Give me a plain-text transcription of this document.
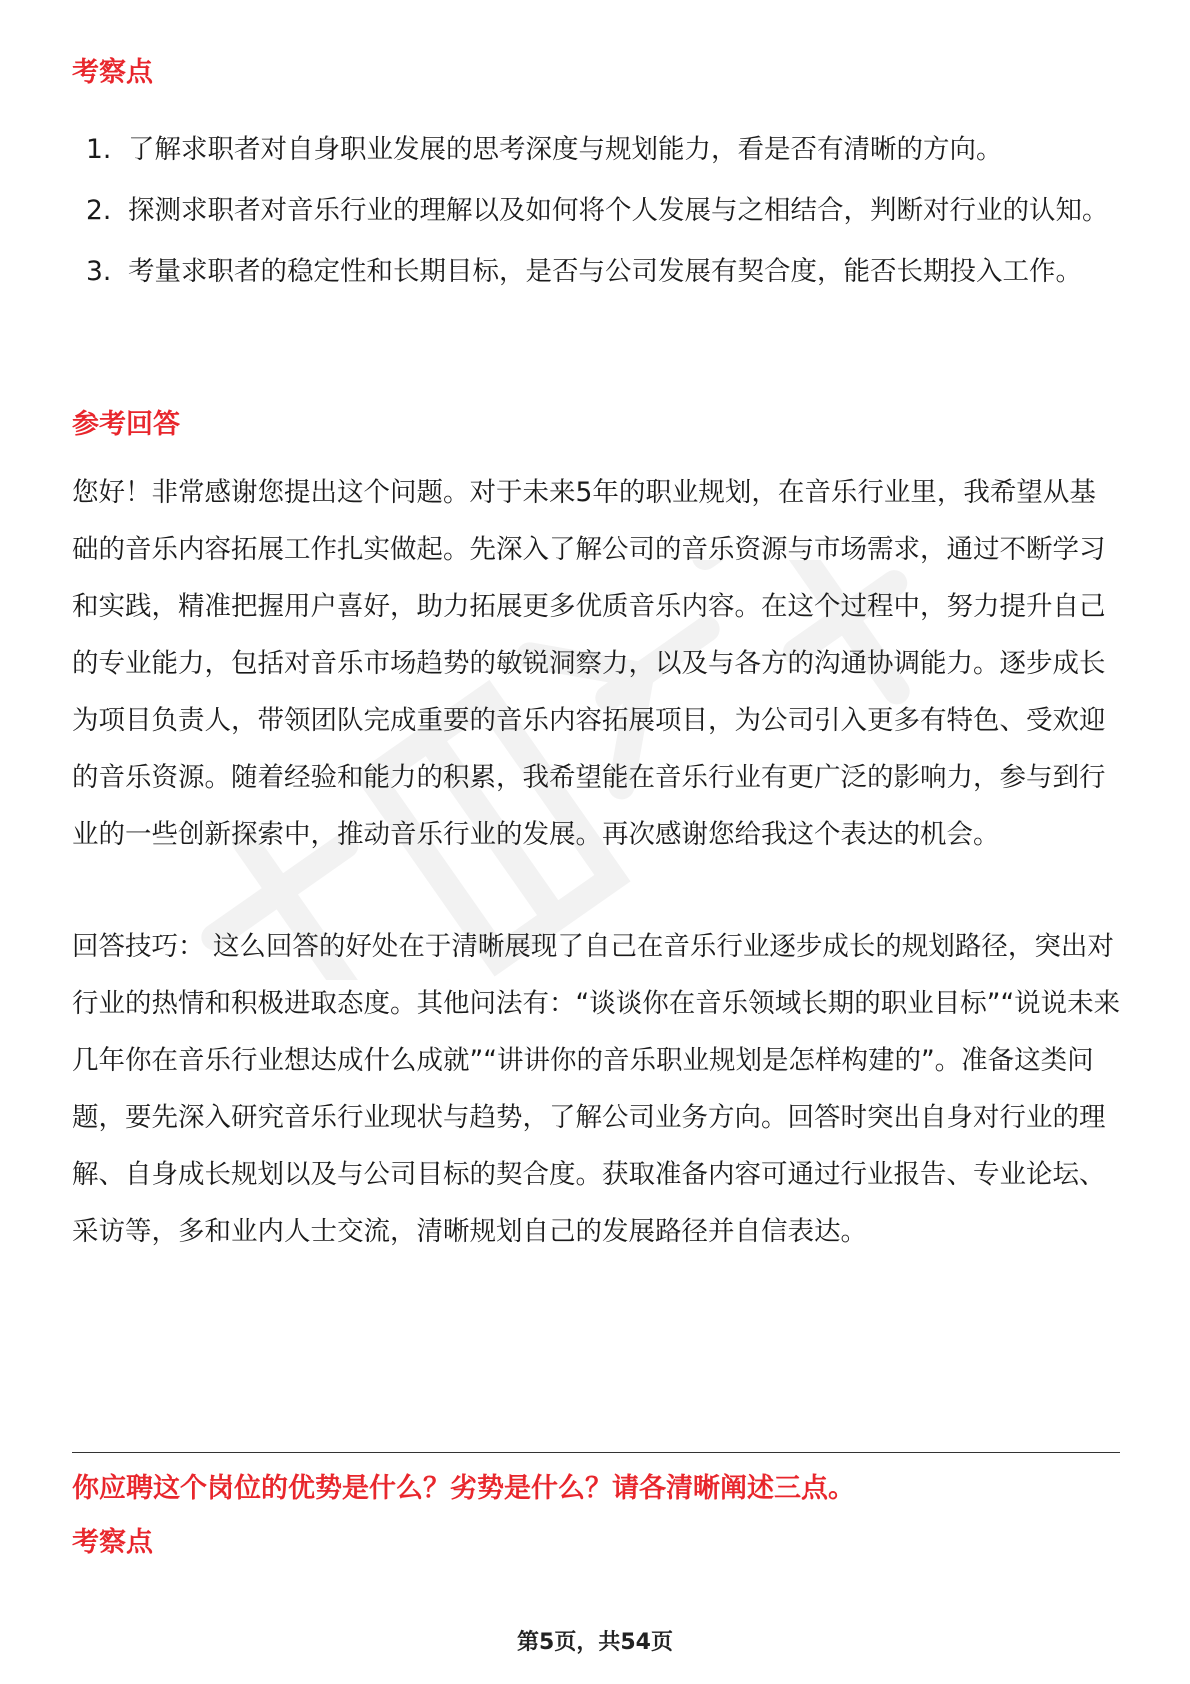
考察点
1. 了解求职者对自身职业发展的思考深度与规划能力，看是否有清晰的方向。
2. 探测求职者对音乐行业的理解以及如何将个人发展与之相结合，判断对行业的认知。
3. 考量求职者的稳定性和长期目标，是否与公司发展有契合度，能否长期投入工作。
参考回答

您好！非常感谢您提出这个问题。对于未来5年的职业规划，在音乐行业里，我希望从基础的音乐内容拓展工作扎实做起。先深入了解公司的音乐资源与市场需求，通过不断学习和实践，精准把握用户喜好，助力拓展更多优质音乐内容。在这个过程中，努力提升自己的专业能力，包括对音乐市场趋势的敏锐洞察力，以及与各方的沟通协调能力。逐步成长为项目负责人，带领团队完成重要的音乐内容拓展项目，为公司引入更多有特色、受欢迎的音乐资源。随着经验和能力的积累，我希望能在音乐行业有更广泛的影响力，参与到行业的一些创新探索中，推动音乐行业的发展。再次感谢您给我这个表达的机会。

回答技巧： 这么回答的好处在于清晰展现了自己在音乐行业逐步成长的规划路径，突出对行业的热情和积极进取态度。其他问法有：“谈谈你在音乐领域长期的职业目标”“说说未来几年你在音乐行业想达成什么成就”“讲讲你的音乐职业规划是怎样构建的”。准备这类问题，要先深入研究音乐行业现状与趋势，了解公司业务方向。回答时突出自身对行业的理解、自身成长规划以及与公司目标的契合度。获取准备内容可通过行业报告、专业论坛、采访等，多和业内人士交流，清晰规划自己的发展路径并自信表达。

你应聘这个岗位的优势是什么？劣势是什么？请各清晰阐述三点。
考察点
第5页，共54页
